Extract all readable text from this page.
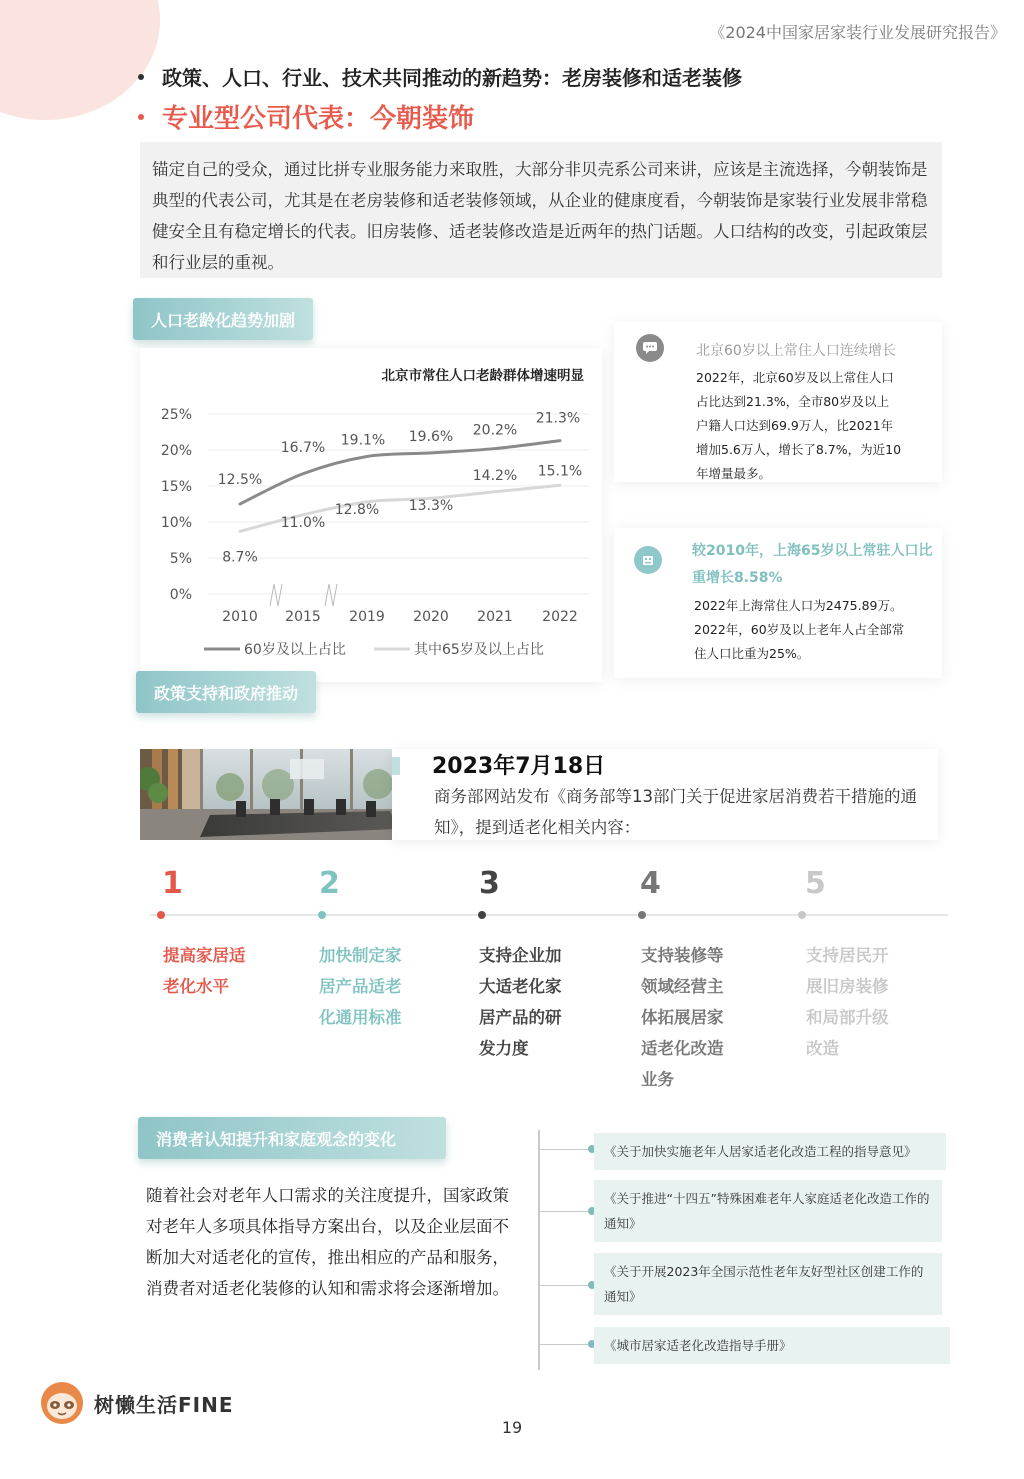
《2024中国家居家装行业发展研究报告》
政策、人口、行业、技术共同推动的新趋势：老房装修和适老装修
专业型公司代表：今朝装饰
锚定自己的受众，通过比拼专业服务能力来取胜，大部分非贝壳系公司来讲，应该是主流选择，今朝装饰是典型的代表公司，尤其是在老房装修和适老装修领域，从企业的健康度看，今朝装饰是家装行业发展非常稳健安全且有稳定增长的代表。旧房装修、适老装修改造是近两年的热门话题。人口结构的改变，引起政策层和行业层的重视。
人口老龄化趋势加剧
北京市常住人口老龄群体增速明显
0%
5%
10%
15%
20%
25%
2010 2015 2019 2020 2021 2022
12.5%
16.7% 19.1% 19.6% 20.2%
21.3%
8.7%
11.0%
12.8% 13.3%
14.2% 15.1%
60岁及以上占比	其中65岁及以上占比
北京60岁以上常住人口连续增长
2022年，北京60岁及以上常住人口
占比达到21.3%，全市80岁及以上
户籍人口达到69.9万人，比2021年
增加5.6万人，增长了8.7%，为近10
年增量最多。
较2010年，上海65岁以上常驻人口比
重增长8.58%
2022年上海常住人口为2475.89万。
2022年，60岁及以上老年人占全部常
住人口比重为25%。
政策支持和政府推动
2023年7月18日
商务部网站发布《商务部等13部门关于促进家居消费若干措施的通知》，提到适老化相关内容：
1
提高家居适
老化水平
2
加快制定家
居产品适老
化通用标准
3
支持企业加
大适老化家
居产品的研
发力度
4
支持装修等
领域经营主
体拓展居家
适老化改造
业务
5
支持居民开
展旧房装修
和局部升级
改造
消费者认知提升和家庭观念的变化
随着社会对老年人口需求的关注度提升，国家政策对老年人多项具体指导方案出台，以及企业层面不断加大对适老化的宣传，推出相应的产品和服务，消费者对适老化装修的认知和需求将会逐渐增加。
《关于加快实施老年人居家适老化改造工程的指导意见》
《关于推进“十四五”特殊困难老年人家庭适老化改造工作的通知》
《关于开展2023年全国示范性老年友好型社区创建工作的通知》
《城市居家适老化改造指导手册》
树懒生活FINE
19
